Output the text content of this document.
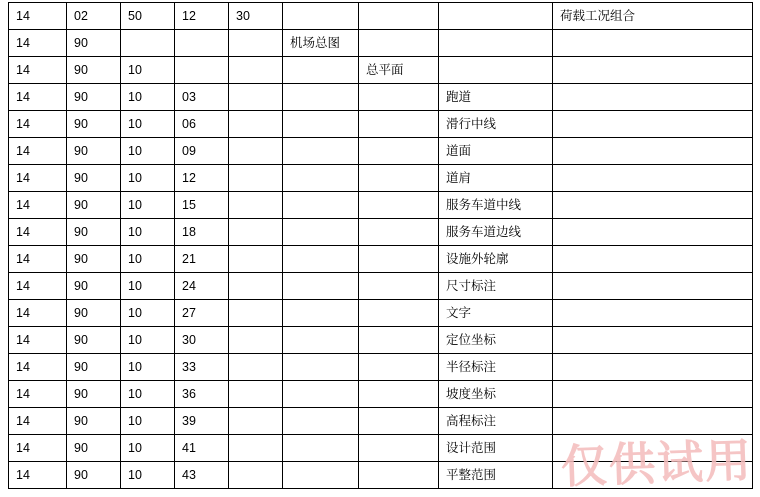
14	02	50	12	30				荷载工况组合
14	90				机场总图			
14	90	10				总平面		
14	90	10	03				跑道	
14	90	10	06				滑行中线	
14	90	10	09				道面	
14	90	10	12				道肩	
14	90	10	15				服务车道中线	
14	90	10	18				服务车道边线	
14	90	10	21				设施外轮廓	
14	90	10	24				尺寸标注	
14	90	10	27				文字	
14	90	10	30				定位坐标	
14	90	10	33				半径标注	
14	90	10	36				坡度坐标	
14	90	10	39				高程标注	
14	90	10	41				设计范围	
14	90	10	43				平整范围	仅供试用
